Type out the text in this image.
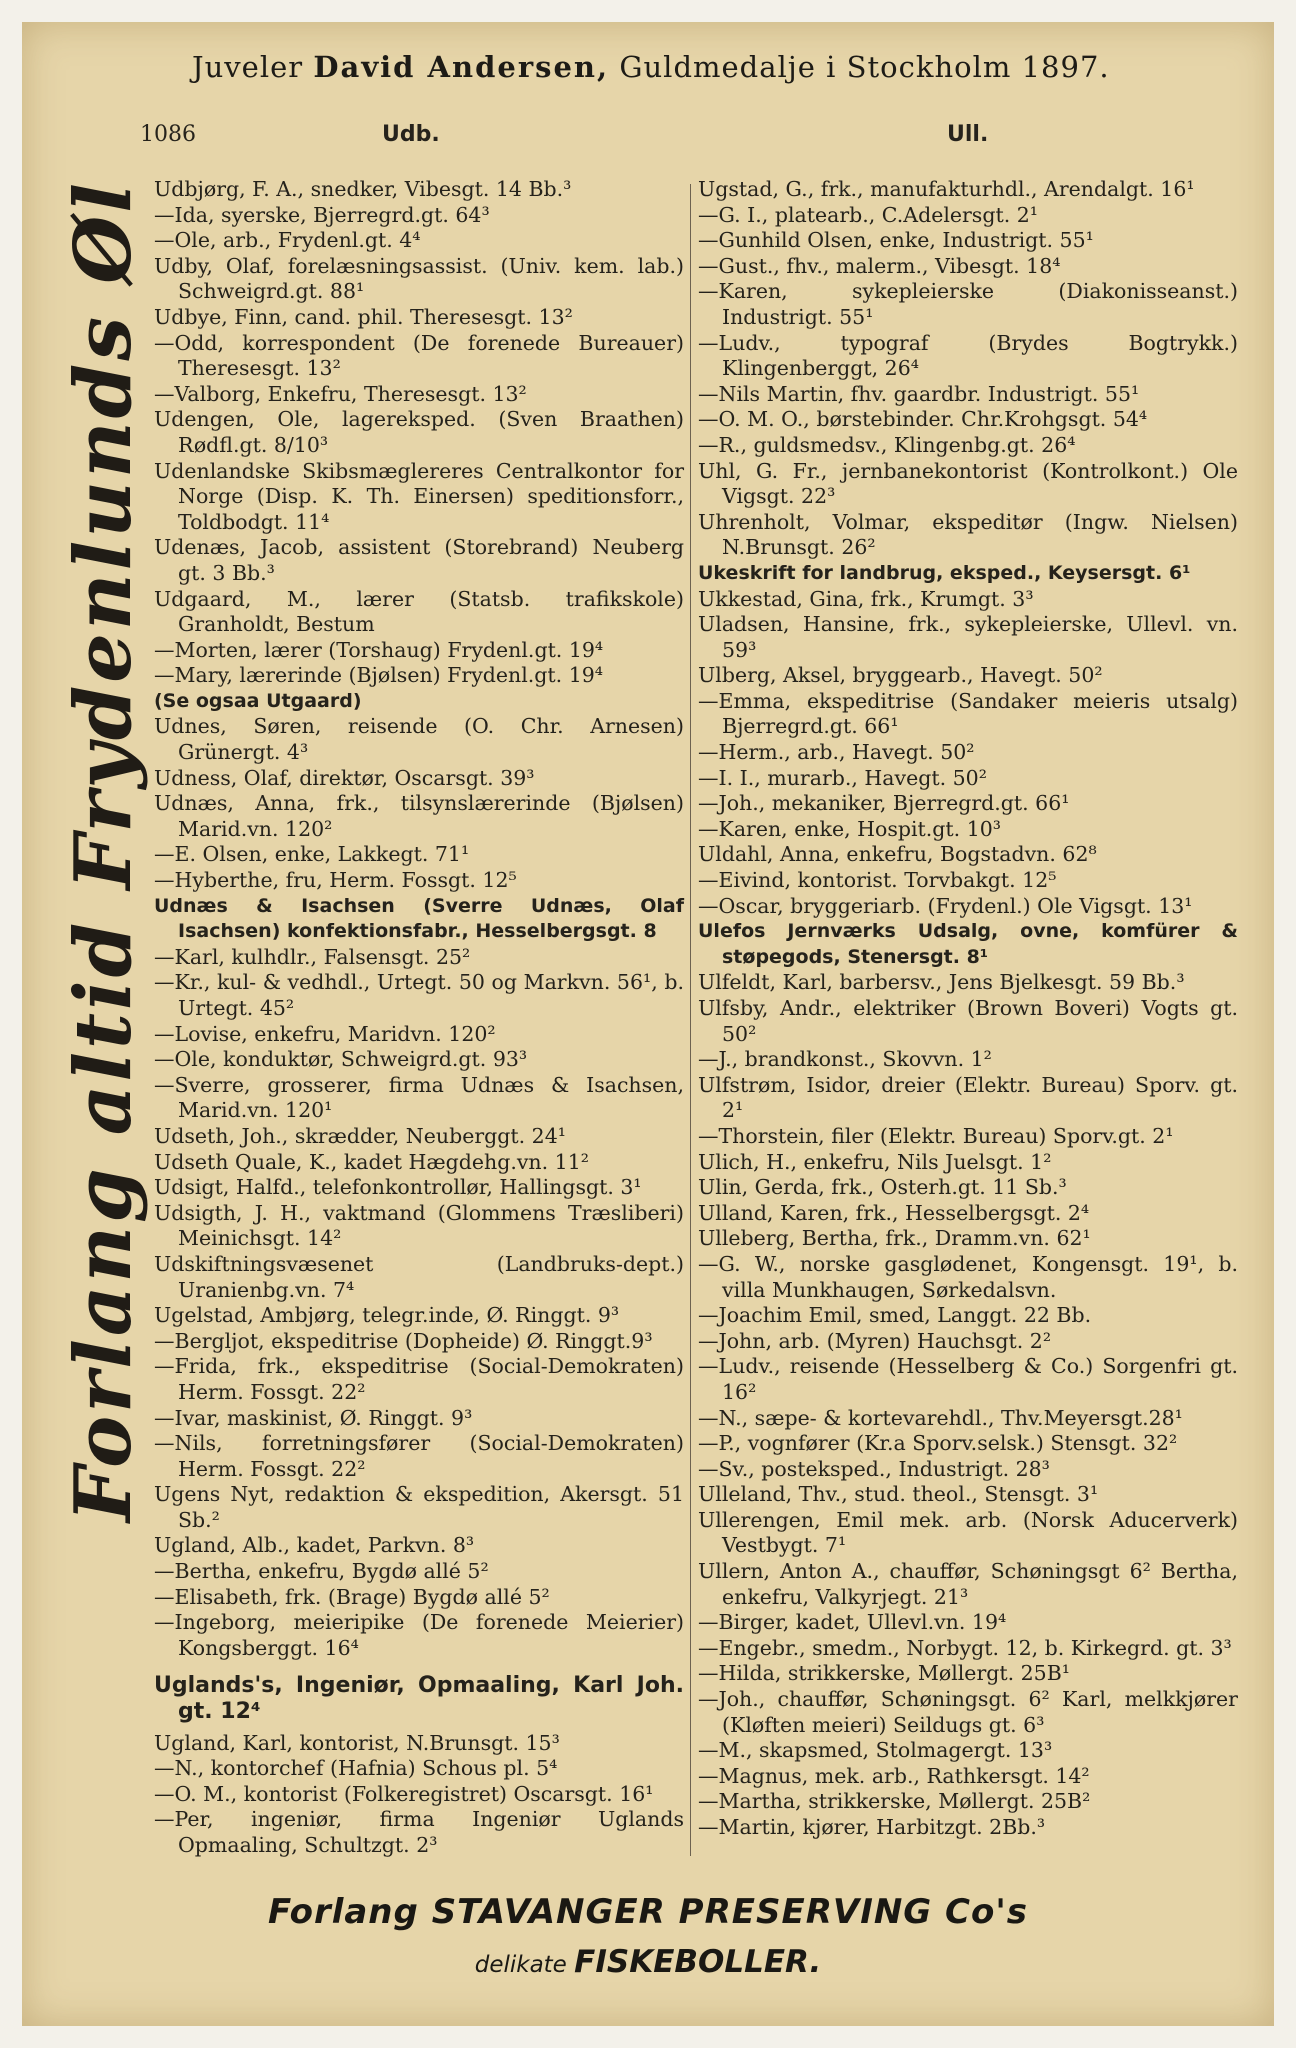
Juveler David Andersen, Guldmedalje i Stockholm 1897.
1086	Udb.	Ull.
Forlang altid Frydenlunds Øl Udbjørg, F. A., snedker, Vibesgt. 14 Bb.³

—Ida, syerske, Bjerregrd.gt. 64³

—Ole, arb., Frydenl.gt. 4⁴

Udby, Olaf, forelæsningsassist. (Univ. kem. lab.) Schweigrd.gt. 88¹

Udbye, Finn, cand. phil. Theresesgt. 13²

—Odd, korrespondent (De forenede Bureauer) Theresesgt. 13²

—Valborg, Enkefru, Theresesgt. 13²

Udengen, Ole, lagereksped. (Sven Braathen) Rødfl.gt. 8/10³

Udenlandske Skibsmæglereres Centralkontor for Norge (Disp. K. Th. Einersen) speditionsforr., Toldbodgt. 11⁴

Udenæs, Jacob, assistent (Storebrand) Neuberg gt. 3 Bb.³

Udgaard, M., lærer (Statsb. trafikskole) Granholdt, Bestum

—Morten, lærer (Torshaug) Frydenl.gt. 19⁴

—Mary, lærerinde (Bjølsen) Frydenl.gt. 19⁴

(Se ogsaa Utgaard)

Udnes, Søren, reisende (O. Chr. Arnesen) Grünergt. 4³

Udness, Olaf, direktør, Oscarsgt. 39³

Udnæs, Anna, frk., tilsynslærerinde (Bjølsen) Marid.vn. 120²

—E. Olsen, enke, Lakkegt. 71¹

—Hyberthe, fru, Herm. Fossgt. 12⁵

Udnæs & Isachsen (Sverre Udnæs, Olaf Isachsen) konfektionsfabr., Hesselbergsgt. 8

—Karl, kulhdlr., Falsensgt. 25²

—Kr., kul- & vedhdl., Urtegt. 50 og Markvn. 56¹, b. Urtegt. 45²

—Lovise, enkefru, Maridvn. 120²

—Ole, konduktør, Schweigrd.gt. 93³

—Sverre, grosserer, firma Udnæs & Isachsen, Marid.vn. 120¹

Udseth, Joh., skrædder, Neuberggt. 24¹

Udseth Quale, K., kadet Hægdehg.vn. 11²

Udsigt, Halfd., telefonkontrollør, Hallingsgt. 3¹

Udsigth, J. H., vaktmand (Glommens Træsliberi) Meinichsgt. 14²

Udskiftningsvæsenet (Landbruks-dept.) Uranienbg.vn. 7⁴

Ugelstad, Ambjørg, telegr.inde, Ø. Ringgt. 9³

—Bergljot, ekspeditrise (Dopheide) Ø. Ringgt.9³

—Frida, frk., ekspeditrise (Social-Demokraten) Herm. Fossgt. 22²

—Ivar, maskinist, Ø. Ringgt. 9³

—Nils, forretningsfører (Social-Demokraten) Herm. Fossgt. 22²

Ugens Nyt, redaktion & ekspedition, Akersgt. 51 Sb.²

Ugland, Alb., kadet, Parkvn. 8³

—Bertha, enkefru, Bygdø allé 5²

—Elisabeth, frk. (Brage) Bygdø allé 5²

—Ingeborg, meieripike (De forenede Meierier) Kongsberggt. 16⁴

Uglands's, Ingeniør, Opmaaling, Karl Joh. gt. 12⁴

Ugland, Karl, kontorist, N.Brunsgt. 15³

—N., kontorchef (Hafnia) Schous pl. 5⁴

—O. M., kontorist (Folkeregistret) Oscarsgt. 16¹

—Per, ingeniør, firma Ingeniør Uglands Opmaaling, Schultzgt. 2³

Ugstad, G., frk., manufakturhdl., Arendalgt. 16¹

—G. I., platearb., C.Adelersgt. 2¹

—Gunhild Olsen, enke, Industrigt. 55¹

—Gust., fhv., malerm., Vibesgt. 18⁴

—Karen, sykepleierske (Diakonisseanst.) Industrigt. 55¹

—Ludv., typograf (Brydes Bogtrykk.) Klingenberggt, 26⁴

—Nils Martin, fhv. gaardbr. Industrigt. 55¹

—O. M. O., børstebinder. Chr.Krohgsgt. 54⁴

—R., guldsmedsv., Klingenbg.gt. 26⁴

Uhl, G. Fr., jernbanekontorist (Kontrolkont.) Ole Vigsgt. 22³

Uhrenholt, Volmar, ekspeditør (Ingw. Nielsen) N.Brunsgt. 26²

Ukeskrift for landbrug, eksped., Keysersgt. 6¹

Ukkestad, Gina, frk., Krumgt. 3³

Uladsen, Hansine, frk., sykepleierske, Ullevl. vn. 59³

Ulberg, Aksel, bryggearb., Havegt. 50²

—Emma, ekspeditrise (Sandaker meieris utsalg) Bjerregrd.gt. 66¹

—Herm., arb., Havegt. 50²

—I. I., murarb., Havegt. 50²

—Joh., mekaniker, Bjerregrd.gt. 66¹

—Karen, enke, Hospit.gt. 10³

Uldahl, Anna, enkefru, Bogstadvn. 62⁸

—Eivind, kontorist. Torvbakgt. 12⁵

—Oscar, bryggeriarb. (Frydenl.) Ole Vigsgt. 13¹

Ulefos Jernværks Udsalg, ovne, komfürer & støpegods, Stenersgt. 8¹

Ulfeldt, Karl, barbersv., Jens Bjelkesgt. 59 Bb.³

Ulfsby, Andr., elektriker (Brown Boveri) Vogts gt. 50²

—J., brandkonst., Skovvn. 1²

Ulfstrøm, Isidor, dreier (Elektr. Bureau) Sporv. gt. 2¹

—Thorstein, filer (Elektr. Bureau) Sporv.gt. 2¹

Ulich, H., enkefru, Nils Juelsgt. 1²

Ulin, Gerda, frk., Osterh.gt. 11 Sb.³

Ulland, Karen, frk., Hesselbergsgt. 2⁴

Ulleberg, Bertha, frk., Dramm.vn. 62¹

—G. W., norske gasglødenet, Kongensgt. 19¹, b. villa Munkhaugen, Sørkedalsvn.

—Joachim Emil, smed, Langgt. 22 Bb.

—John, arb. (Myren) Hauchsgt. 2²

—Ludv., reisende (Hesselberg & Co.) Sorgenfri gt. 16²

—N., sæpe- & kortevarehdl., Thv.Meyersgt.28¹

—P., vognfører (Kr.a Sporv.selsk.) Stensgt. 32²

—Sv., posteksped., Industrigt. 28³

Ulleland, Thv., stud. theol., Stensgt. 3¹

Ullerengen, Emil mek. arb. (Norsk Aducerverk) Vestbygt. 7¹

Ullern, Anton A., chauffør, Schøningsgt 6² Bertha, enkefru, Valkyrjegt. 21³

—Birger, kadet, Ullevl.vn. 19⁴

—Engebr., smedm., Norbygt. 12, b. Kirkegrd. gt. 3³

—Hilda, strikkerske, Møllergt. 25B¹

—Joh., chauffør, Schøningsgt. 6² Karl, melkkjører (Kløften meieri) Seildugs gt. 6³

—M., skapsmed, Stolmagergt. 13³

—Magnus, mek. arb., Rathkersgt. 14²

—Martha, strikkerske, Møllergt. 25B²

—Martin, kjører, Harbitzgt. 2Bb.³

Forlang STAVANGER PRESERVING Co's
delikate FISKEBOLLER.
